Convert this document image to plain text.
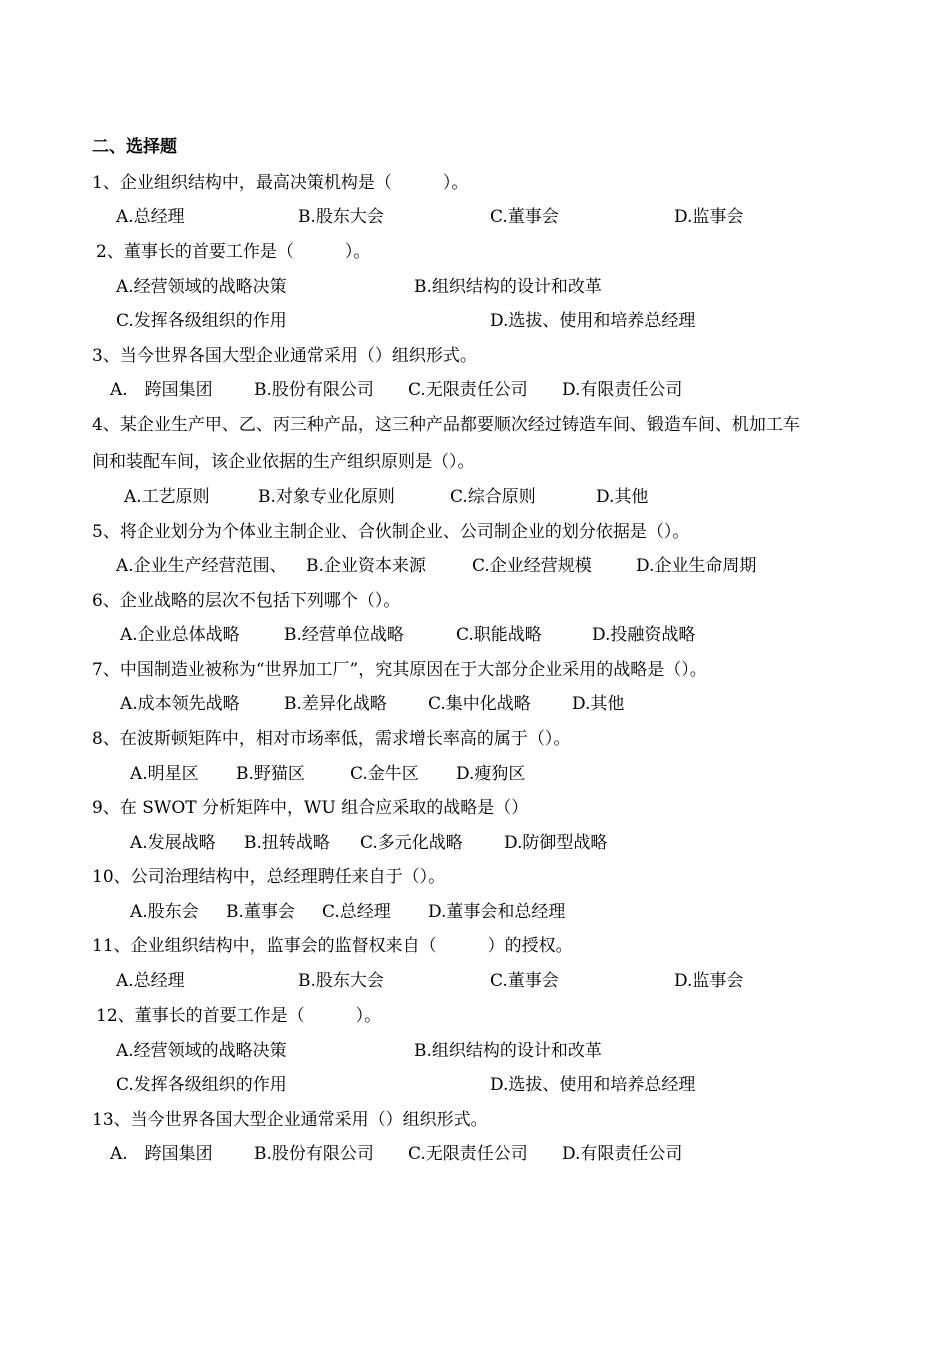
二、选择题
1、企业组织结构中，最高决策机构是（　　　）。
A.总经理	B.股东大会	C.董事会	D.监事会
2、董事长的首要工作是（　　　）。
A.经营领域的战略决策	B.组织结构的设计和改革
C.发挥各级组织的作用	D.选拔、使用和培养总经理
3、当今世界各国大型企业通常采用（）组织形式。
A.　跨国集团 B.股份有限公司 C.无限责任公司 D.有限责任公司
4、某企业生产甲、乙、丙三种产品，这三种产品都要顺次经过铸造车间、锻造车间、机加工车
间和装配车间，该企业依据的生产组织原则是（）。
A.工艺原则	B.对象专业化原则	C.综合原则	D.其他
5、将企业划分为个体业主制企业、合伙制企业、公司制企业的划分依据是（）。
A.企业生产经营范围、 B.企业资本来源	C.企业经营规模	D.企业生命周期
6、企业战略的层次不包括下列哪个（）。
A.企业总体战略	B.经营单位战略	C.职能战略	D.投融资战略
7、中国制造业被称为“世界加工厂”，究其原因在于大部分企业采用的战略是（）。
A.成本领先战略	B.差异化战略 C.集中化战略 D.其他
8、在波斯顿矩阵中，相对市场率低，需求增长率高的属于（）。
A.明星区 B.野猫区	C.金牛区 D.瘦狗区
9、在 SWOT 分析矩阵中，WU 组合应采取的战略是（）
A.发展战略 B.扭转战略 C.多元化战略 D.防御型战略
10、公司治理结构中，总经理聘任来自于（）。
A.股东会 B.董事会 C.总经理 D.董事会和总经理
11、企业组织结构中，监事会的监督权来自（　　　）的授权。
A.总经理	B.股东大会	C.董事会	D.监事会
12、董事长的首要工作是（　　　）。
A.经营领域的战略决策	B.组织结构的设计和改革
C.发挥各级组织的作用	D.选拔、使用和培养总经理
13、当今世界各国大型企业通常采用（）组织形式。
A.　跨国集团 B.股份有限公司 C.无限责任公司 D.有限责任公司
